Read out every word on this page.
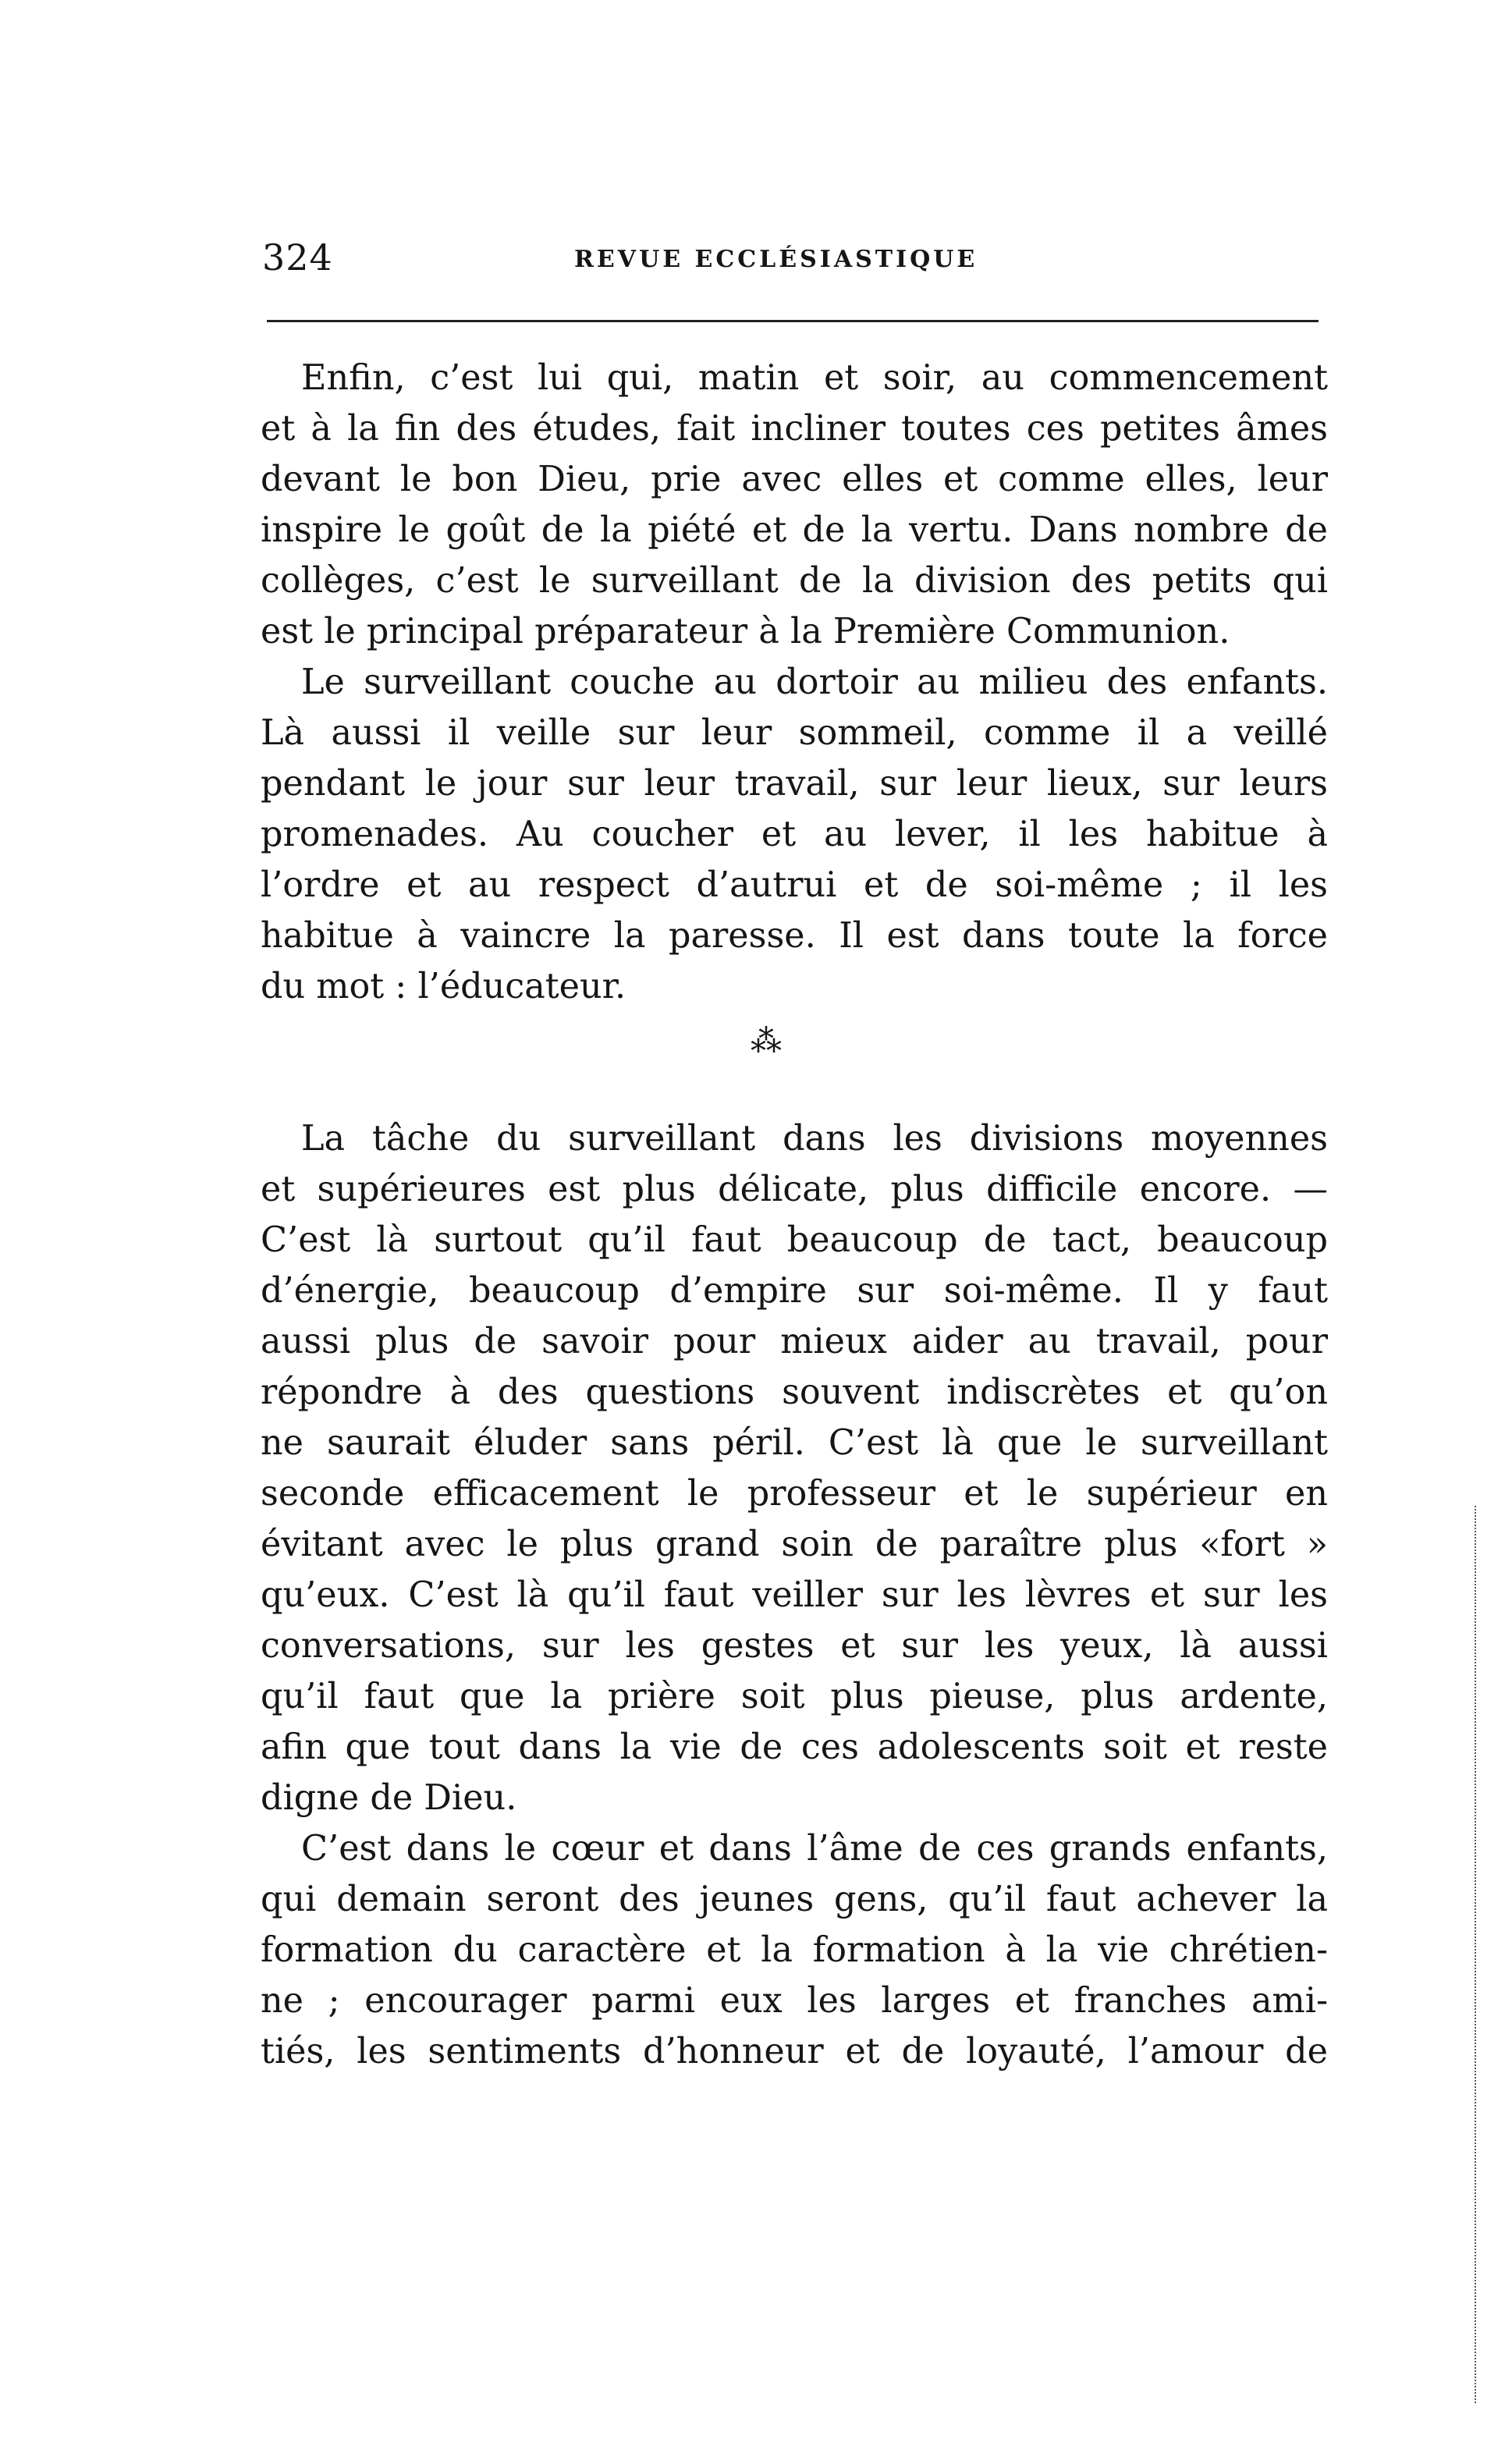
324	REVUE ECCLÉSIASTIQUE
Enfin, c’est lui qui, matin et soir, au commencement
et à la fin des études, fait incliner toutes ces petites âmes
devant le bon Dieu, prie avec elles et comme elles, leur
inspire le goût de la piété et de la vertu. Dans nombre de
collèges, c’est le surveillant de la division des petits qui
est le principal préparateur à la Première Communion.
Le surveillant couche au dortoir au milieu des enfants.
Là aussi il veille sur leur sommeil, comme il a veillé
pendant le jour sur leur travail, sur leur lieux, sur leurs
promenades. Au coucher et au lever, il les habitue à
l’ordre et au respect d’autrui et de soi-même ; il les
habitue à vaincre la paresse. Il est dans toute la force
du mot : l’éducateur.
⁂
La tâche du surveillant dans les divisions moyennes
et supérieures est plus délicate, plus difficile encore. —
C’est là surtout qu’il faut beaucoup de tact, beaucoup
d’énergie, beaucoup d’empire sur soi-même. Il y faut
aussi plus de savoir pour mieux aider au travail, pour
répondre à des questions souvent indiscrètes et qu’on
ne saurait éluder sans péril. C’est là que le surveillant
seconde efficacement le professeur et le supérieur en
évitant avec le plus grand soin de paraître plus «fort »
qu’eux. C’est là qu’il faut veiller sur les lèvres et sur les
conversations, sur les gestes et sur les yeux, là aussi
qu’il faut que la prière soit plus pieuse, plus ardente,
afin que tout dans la vie de ces adolescents soit et reste
digne de Dieu.
C’est dans le cœur et dans l’âme de ces grands enfants,
qui demain seront des jeunes gens, qu’il faut achever la
formation du caractère et la formation à la vie chrétien-
ne ; encourager parmi eux les larges et franches ami-
tiés, les sentiments d’honneur et de loyauté, l’amour de
